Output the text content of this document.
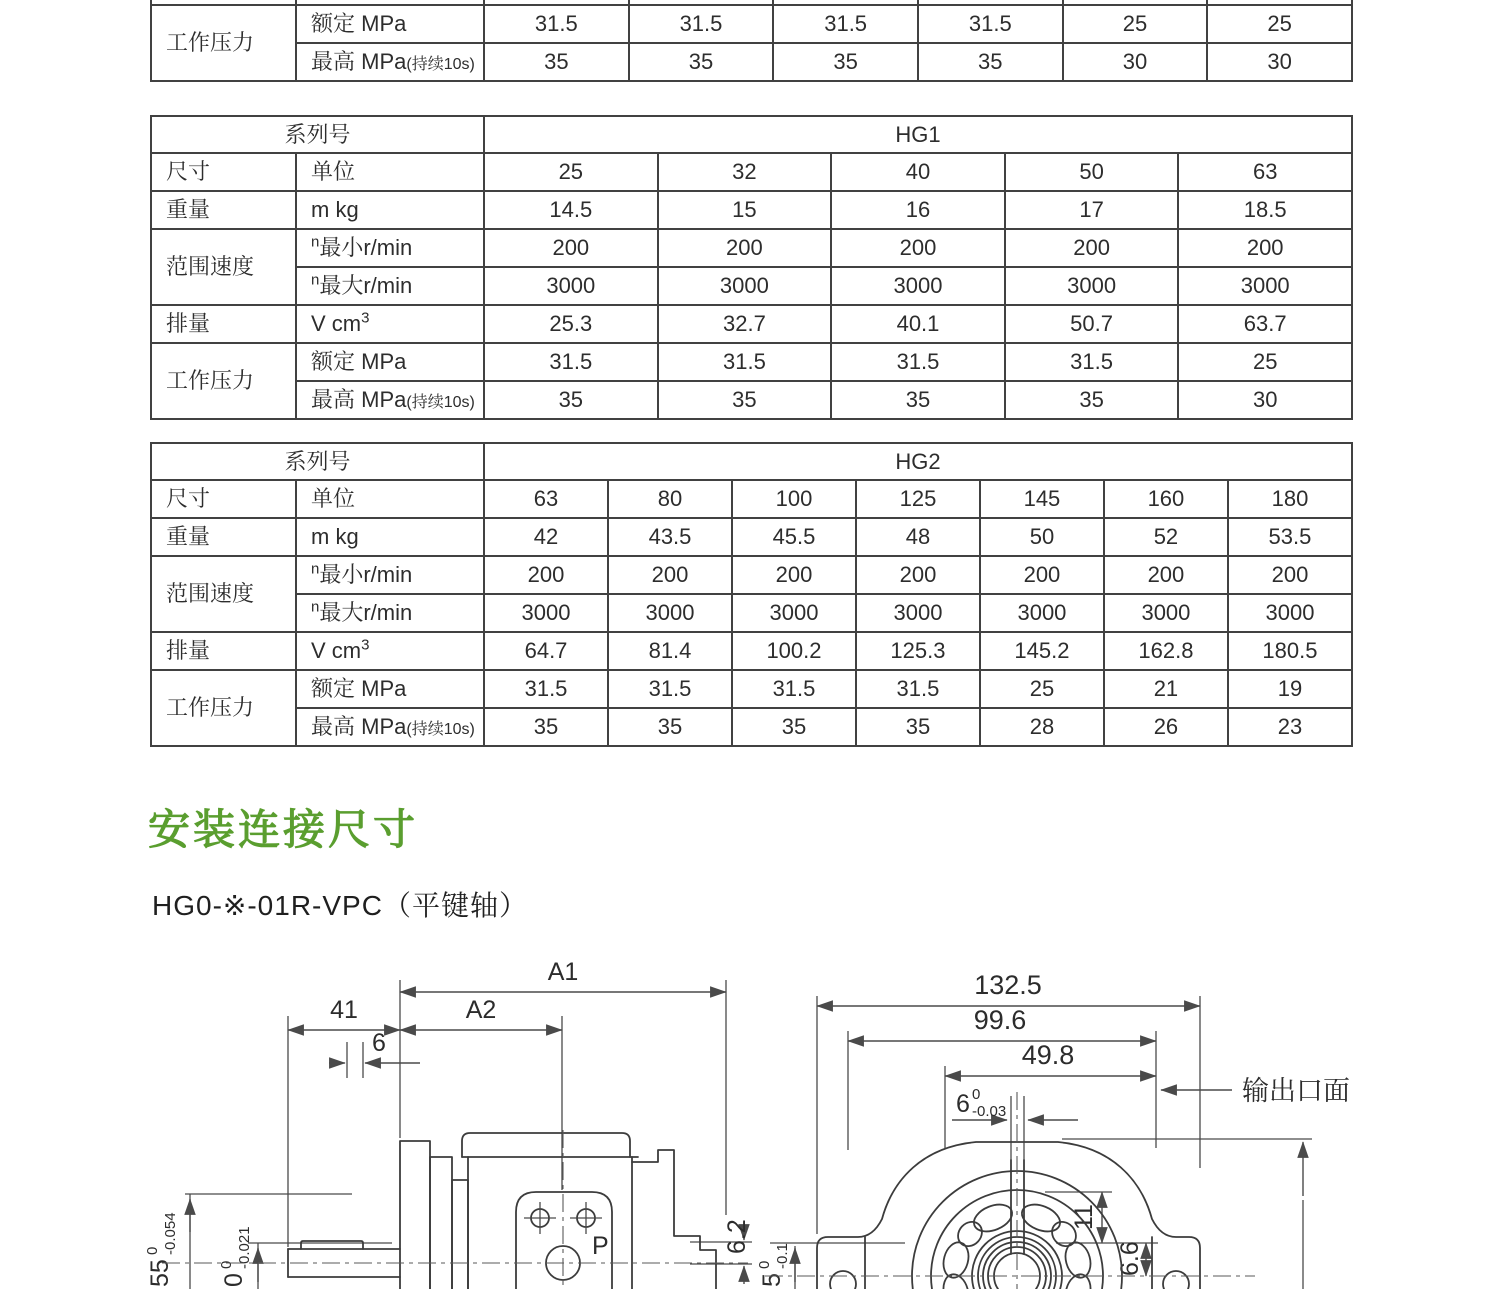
工作压力	额定 MPa	31.5	31.5	31.5	31.5	25	25
	最高 MPa(持续10s)	35	35	35	35	30	30
系列号		HG1				
尺寸	单位	25	32	40	50	63
重量	m kg	14.5	15	16	17	18.5
范围速度	$^n$最小r/min	200	200	200	200	200
	$^n$最大r/min	3000	3000	3000	3000	3000
排量	V $cm^3$	25.3	32.7	40.1	50.7	63.7
工作压力	额定 MPa	31.5	31.5	31.5	31.5	25
	最高 MPa(持续10s)	35	35	35	35	30
系列号		HG2						
尺寸	单位	63	80	100	125	145	160	180
重量	m kg	42	43.5	45.5	48	50	52	53.5
范围速度	$^n$最小r/min	200	200	200	200	200	200	200
	$^n$最大r/min	3000	3000	3000	3000	3000	3000	3000
排量	V $cm^3$	64.7	81.4	100.2	125.3	145.2	162.8	180.5
工作压力	额定 MPa	31.5	31.5	31.5	31.5	25	21	19
	最高 MPa(持续10s)	35	35	35	35	28	26	23
安装连接尺寸
HG0-※-01R-VPC（平键轴）
A1
41	A2
6
P	6.2
55
0 -0.054
0
0 -0.021
132.5
99.6
49.8
6 0
-0.03
输出口面
11
6.6
5
0 -0.1
